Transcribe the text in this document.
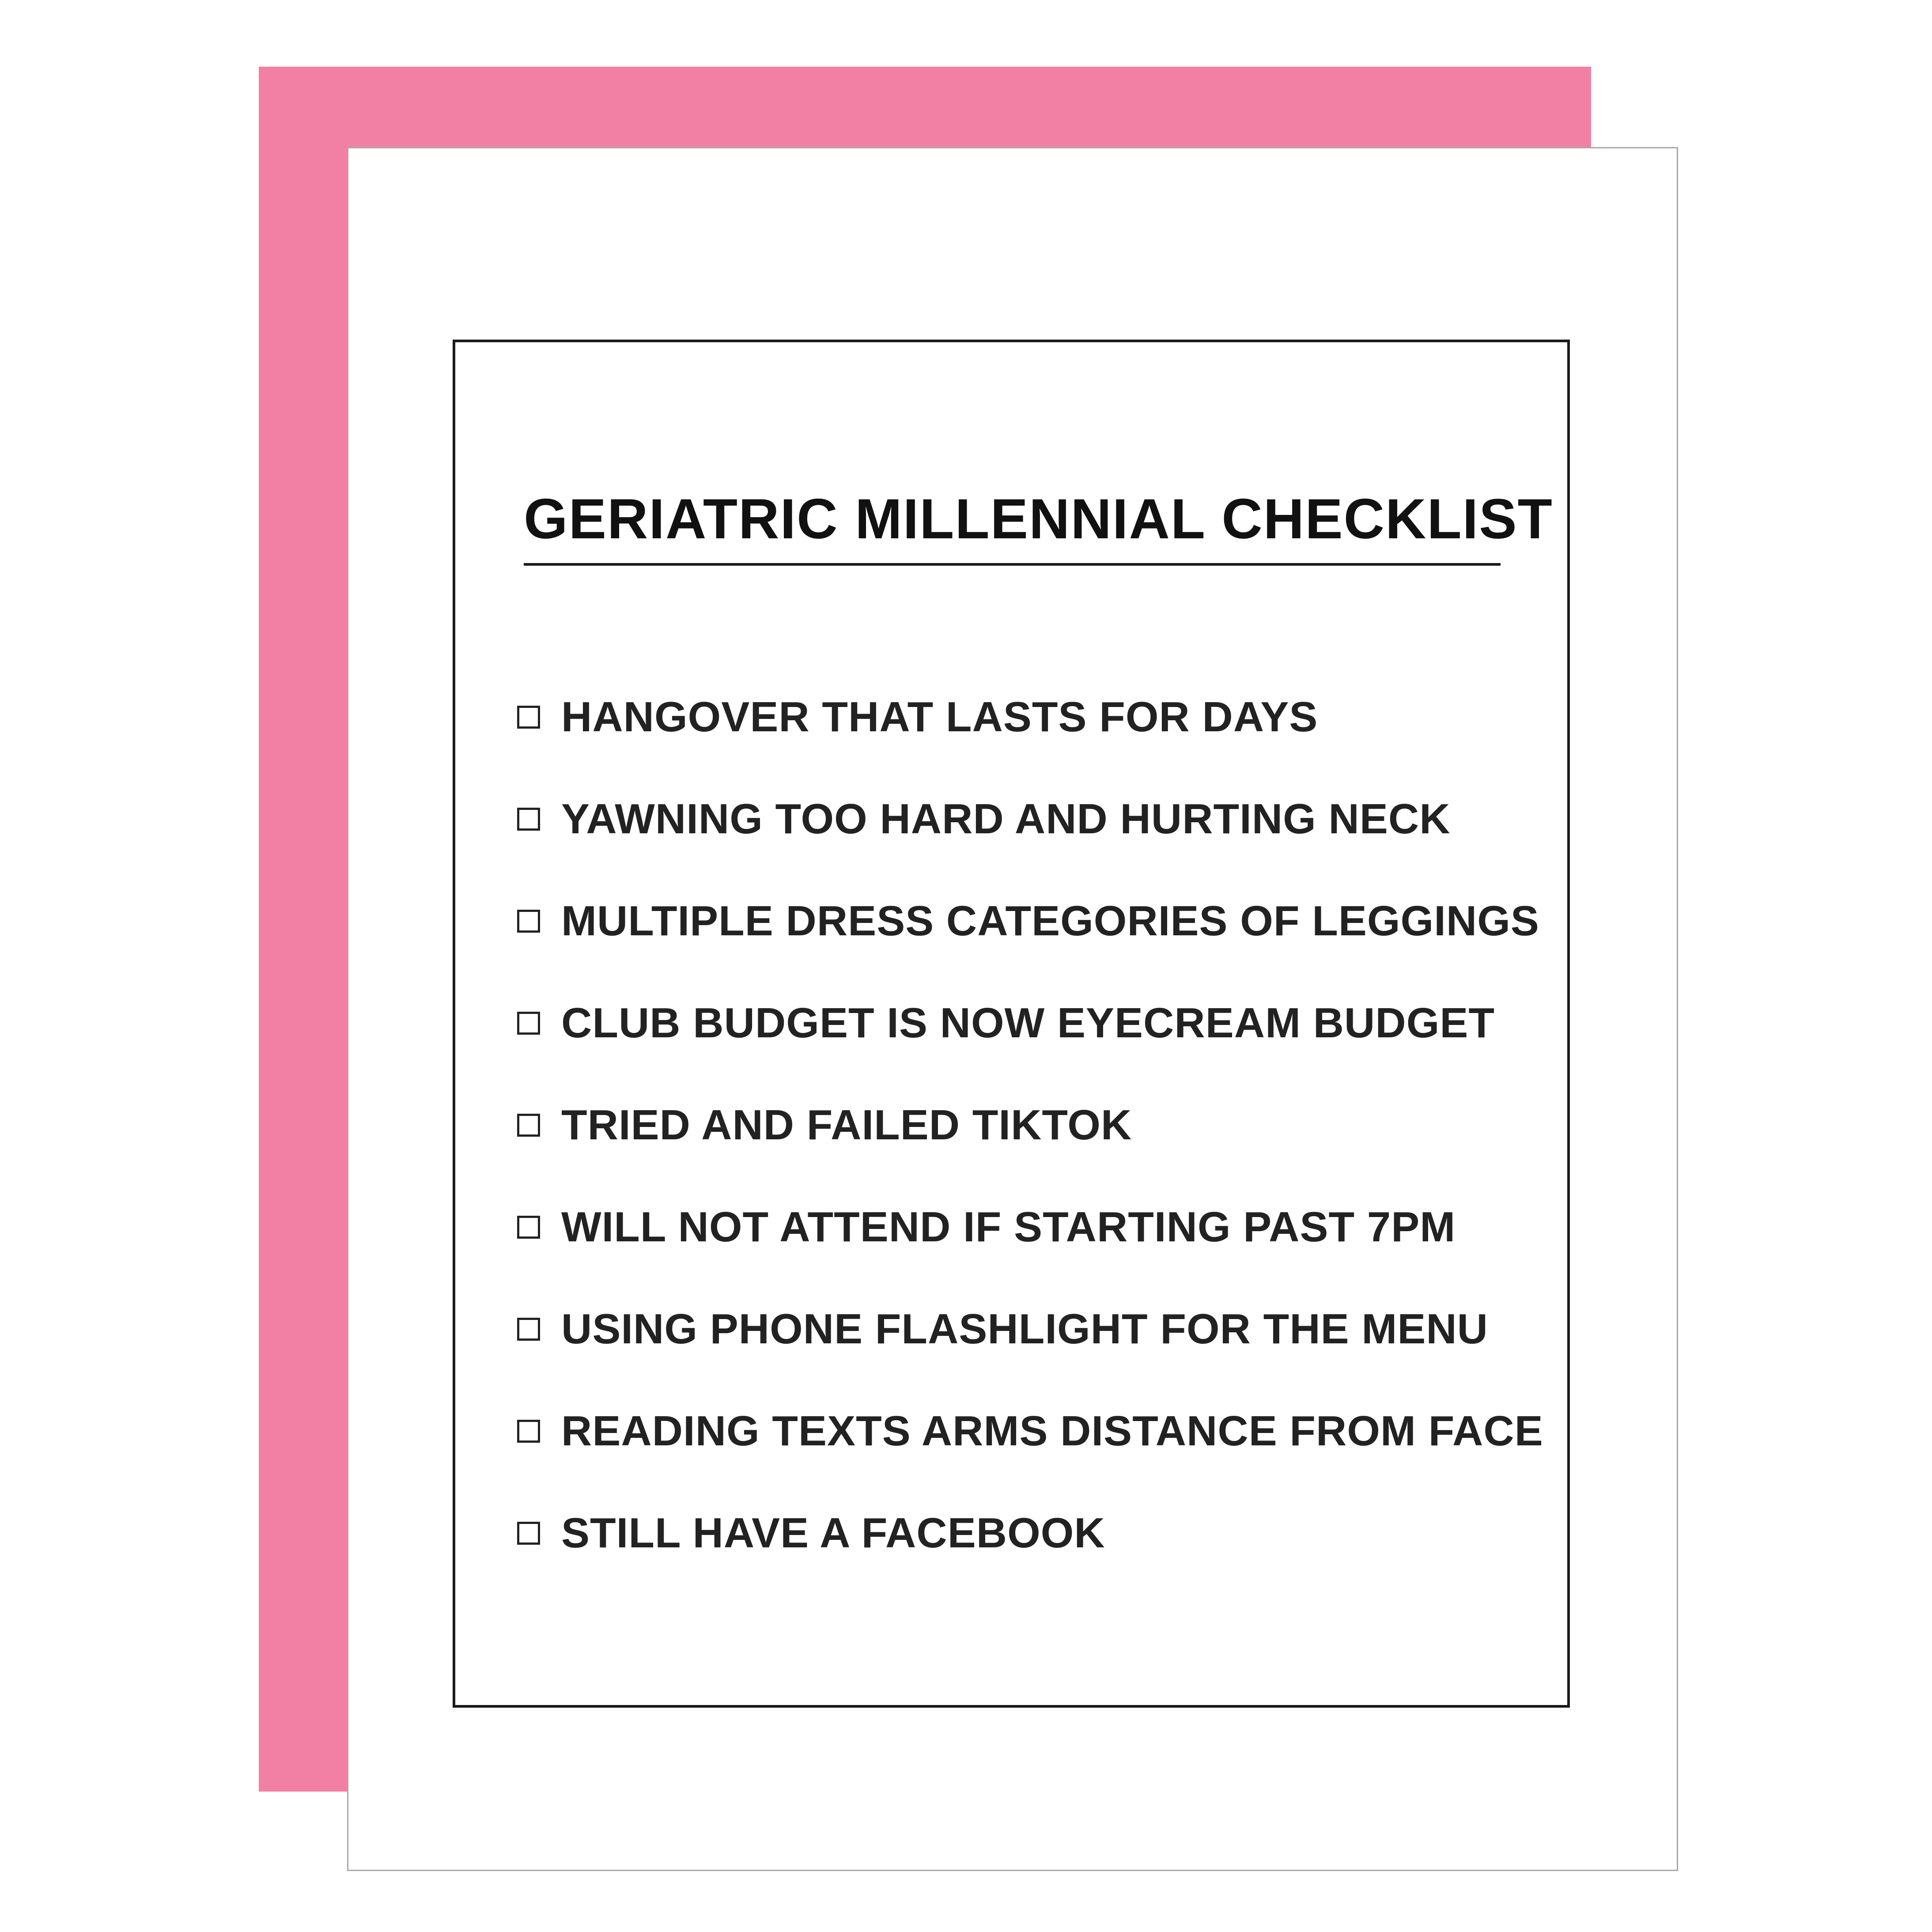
GERIATRIC MILLENNIAL CHECKLIST
HANGOVER THAT LASTS FOR DAYS
YAWNING TOO HARD AND HURTING NECK
MULTIPLE DRESS CATEGORIES OF LEGGINGS
CLUB BUDGET IS NOW EYECREAM BUDGET
TRIED AND FAILED TIKTOK
WILL NOT ATTEND IF STARTING PAST 7PM
USING PHONE FLASHLIGHT FOR THE MENU
READING TEXTS ARMS DISTANCE FROM FACE
STILL HAVE A FACEBOOK
